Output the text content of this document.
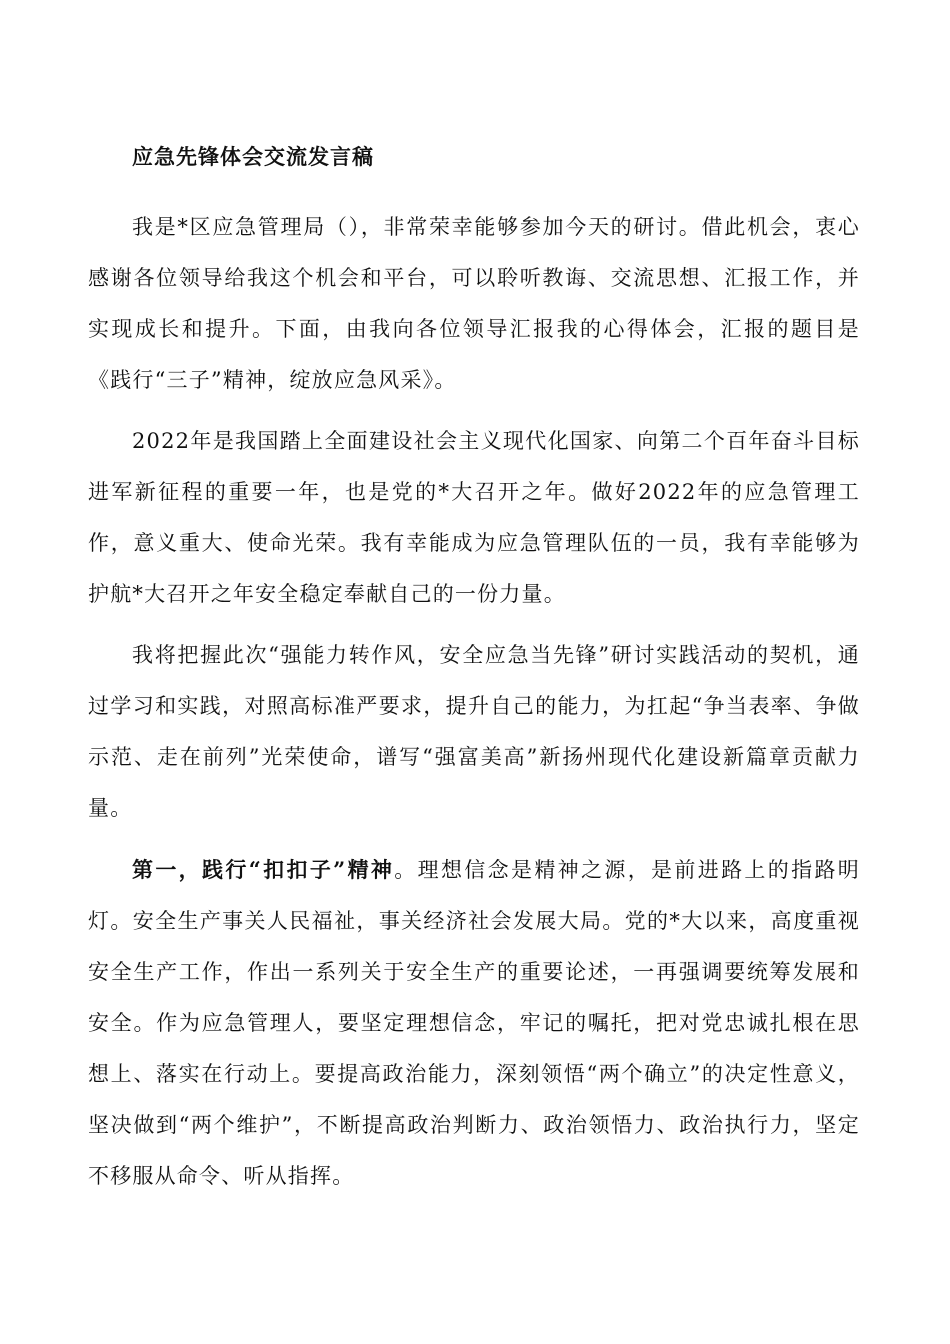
应急先锋体会交流发言稿

我是*区应急管理局（），非常荣幸能够参加今天的研讨。借此机会，衷心感谢各位领导给我这个机会和平台，可以聆听教诲、交流思想、汇报工作，并实现成长和提升。下面，由我向各位领导汇报我的心得体会，汇报的题目是《践行“三子”精神，绽放应急风采》。

2022年是我国踏上全面建设社会主义现代化国家、向第二个百年奋斗目标进军新征程的重要一年，也是党的*大召开之年。做好2022年的应急管理工作，意义重大、使命光荣。我有幸能成为应急管理队伍的一员，我有幸能够为护航*大召开之年安全稳定奉献自己的一份力量。

我将把握此次“强能力转作风，安全应急当先锋”研讨实践活动的契机，通过学习和实践，对照高标准严要求，提升自己的能力，为扛起“争当表率、争做示范、走在前列”光荣使命，谱写“强富美高”新扬州现代化建设新篇章贡献力量。

第一，践行“扣扣子”精神。理想信念是精神之源，是前进路上的指路明灯。安全生产事关人民福祉，事关经济社会发展大局。党的*大以来，高度重视安全生产工作，作出一系列关于安全生产的重要论述，一再强调要统筹发展和安全。作为应急管理人，要坚定理想信念，牢记的嘱托，把对党忠诚扎根在思想上、落实在行动上。要提高政治能力，深刻领悟“两个确立”的决定性意义，坚决做到“两个维护”，不断提高政治判断力、政治领悟力、政治执行力，坚定不移服从命令、听从指挥。
